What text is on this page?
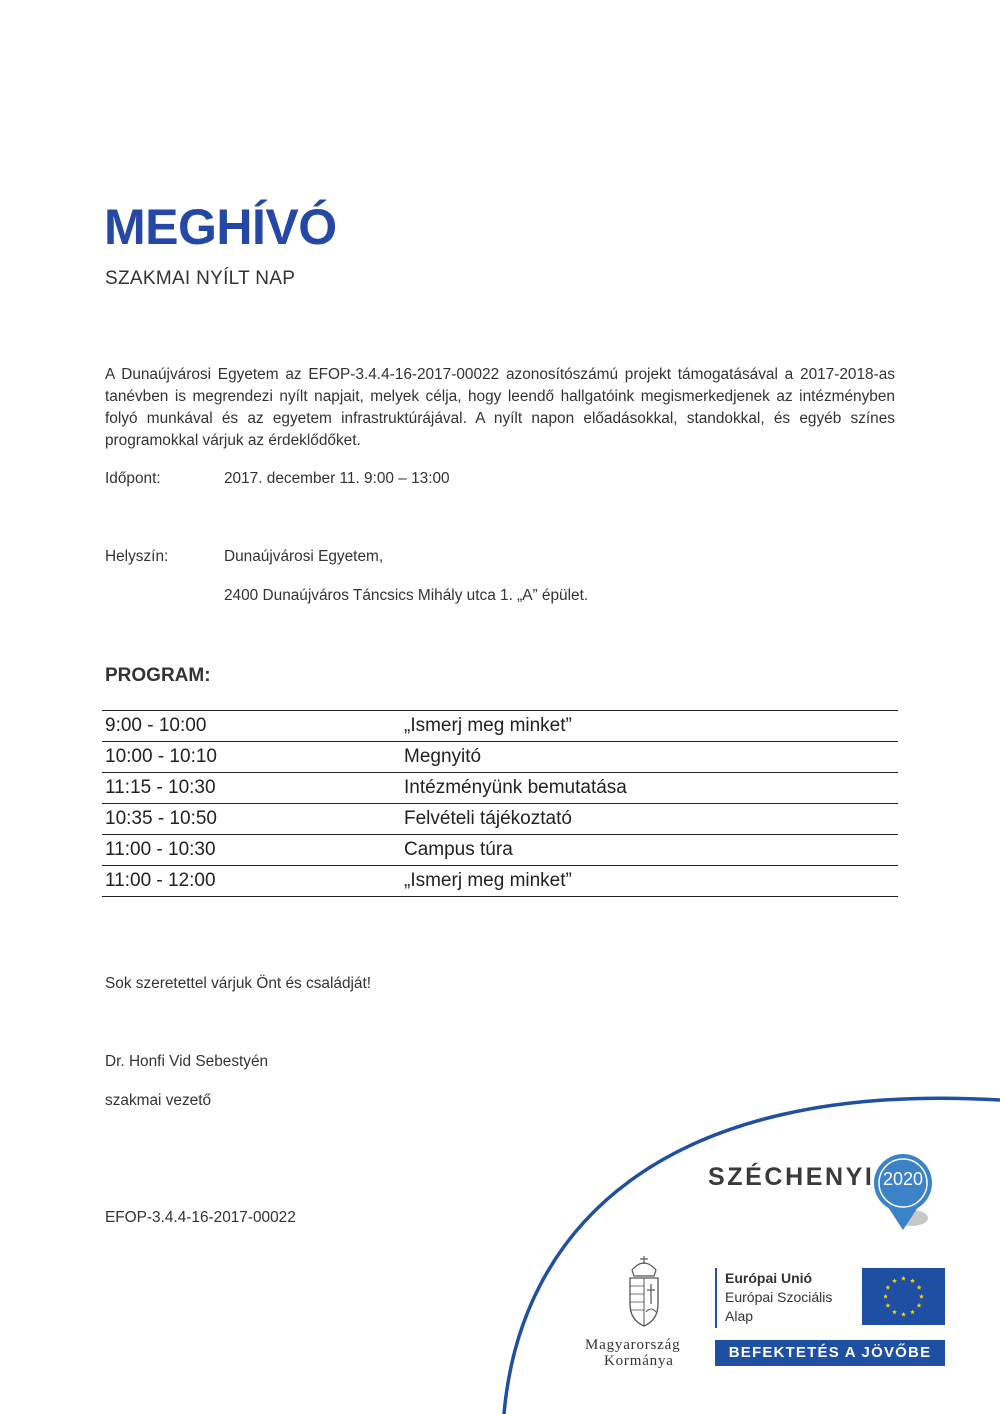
MEGHÍVÓ
SZAKMAI NYÍLT NAP

A Dunaújvárosi Egyetem az EFOP-3.4.4-16-2017-00022 azonosítószámú projekt támogatásával a 2017-2018-as tanévben is megrendezi nyílt napjait, melyek célja, hogy leendő hallgatóink megismerkedjenek az intézményben folyó munkával és az egyetem infrastruktúrájával. A nyílt napon előadásokkal, standokkal, és egyéb színes programokkal várjuk az érdeklődőket.

Időpont:	2017. december 11. 9:00 – 13:00
Helyszín:	Dunaújvárosi Egyetem,
2400 Dunaújváros Táncsics Mihály utca 1. „A” épület.
PROGRAM:
9:00 - 10:00	„Ismerj meg minket”
10:00 - 10:10	Megnyitó
11:15 - 10:30	Intézményünk bemutatása
10:35 - 10:50	Felvételi tájékoztató
11:00 - 10:30	Campus túra
11:00 - 12:00	„Ismerj meg minket”
Sok szeretettel várjuk Önt és családját!
Dr. Honfi Vid Sebestyén
szakmai vezető
EFOP-3.4.4-16-2017-00022
SZÉCHENYI 2020
Magyarország
Kormánya
Európai Unió
Európai Szociális
Alap
BEFEKTETÉS A JÖVŐBE
